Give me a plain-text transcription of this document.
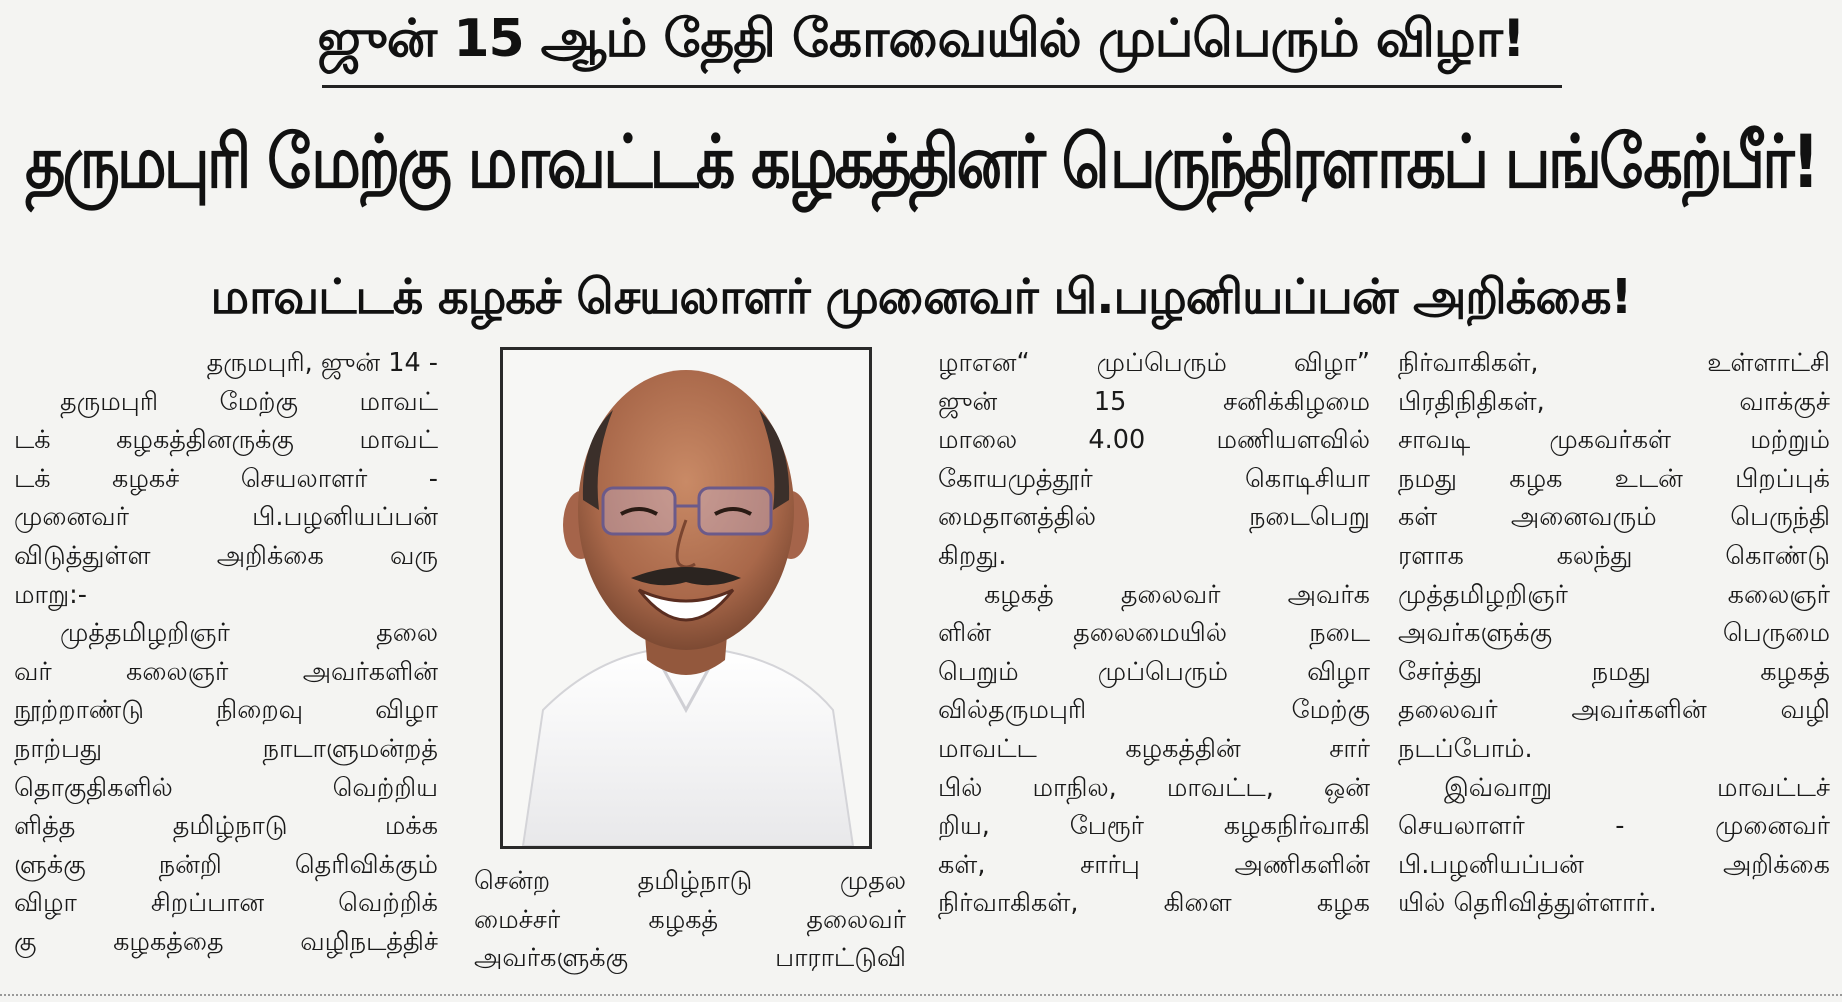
ஜுன் 15 ஆம் தேதி கோவையில் முப்பெரும் விழா!
தருமபுரி மேற்கு மாவட்டக் கழகத்தினர் பெருந்திரளாகப் பங்கேற்பீர்!
மாவட்டக் கழகச் செயலாளர் முனைவர் பி.பழனியப்பன் அறிக்கை!
தருமபுரி, ஜுன் 14 -
தருமபுரி மேற்கு மாவட்
டக் கழகத்தினருக்கு மாவட்
டக் கழகச் செயலாளர் -
முனைவர் பி.பழனியப்பன்
விடுத்துள்ள அறிக்கை வரு
மாறு:-
முத்தமிழறிஞர் தலை
வர் கலைஞர் அவர்களின்
நூற்றாண்டு நிறைவு விழா
நாற்பது நாடாளுமன்றத்
தொகுதிகளில் வெற்றிய
ளித்த தமிழ்நாடு மக்க
ளுக்கு நன்றி தெரிவிக்கும்
விழா சிறப்பான வெற்றிக்
கு கழகத்தை வழிநடத்திச்
சென்ற தமிழ்நாடு முதல
மைச்சர் கழகத் தலைவர்
அவர்களுக்கு பாராட்டுவி
ழாஎன“ முப்பெரும் விழா”
ஜுன் 15 சனிக்கிழமை
மாலை 4.00 மணியளவில்
கோயமுத்தூர் கொடிசியா
மைதானத்தில் நடைபெறு
கிறது.
கழகத் தலைவர் அவர்க
ளின் தலைமையில் நடை
பெறும் முப்பெரும் விழா
வில்தருமபுரி மேற்கு
மாவட்ட கழகத்தின் சார்
பில் மாநில, மாவட்ட, ஒன்
றிய, பேரூர் கழகநிர்வாகி
கள், சார்பு அணிகளின்
நிர்வாகிகள், கிளை கழக
நிர்வாகிகள், உள்ளாட்சி
பிரதிநிதிகள், வாக்குச்
சாவடி முகவர்கள் மற்றும்
நமது கழக உடன் பிறப்புக்
கள் அனைவரும் பெருந்தி
ரளாக கலந்து கொண்டு
முத்தமிழறிஞர் கலைஞர்
அவர்களுக்கு பெருமை
சேர்த்து நமது கழகத்
தலைவர் அவர்களின் வழி
நடப்போம்.
இவ்வாறு மாவட்டச்
செயலாளர் - முனைவர்
பி.பழனியப்பன் அறிக்கை
யில் தெரிவித்துள்ளார்.
